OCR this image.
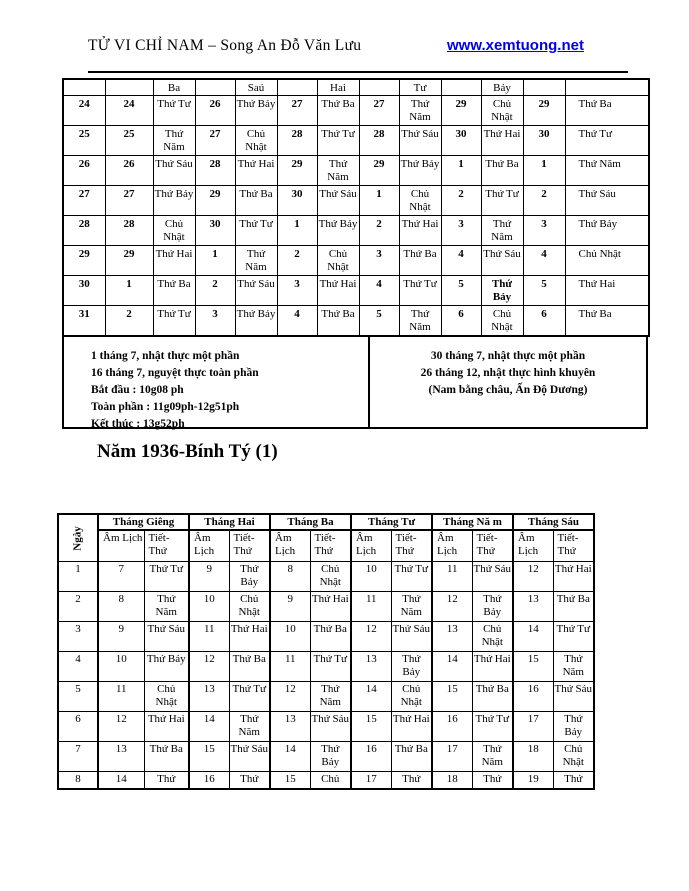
TỬ VI CHỈ NAM – Song An Đỗ Văn Lưu	www.xemtuong.net
		Ba		Saú		Hai		Tư		Bảy		
24	24	Thứ Tư	26	Thứ Bảy	27	Thứ Ba	27	Thứ Năm	29	Chủ Nhật	29	Thứ Ba
25	25	Thứ Năm	27	Chủ Nhật	28	Thứ Tư	28	Thứ Sáu	30	Thứ Hai	30	Thứ Tư
26	26	Thứ Sáu	28	Thứ Hai	29	Thứ Năm	29	Thứ Bảy	1	Thứ Ba	1	Thứ Năm
27	27	Thứ Bảy	29	Thứ Ba	30	Thứ Sáu	1	Chủ Nhật	2	Thứ Tư	2	Thứ Sáu
28	28	Chủ Nhật	30	Thứ Tư	1	Thứ Bảy	2	Thứ Hai	3	Thứ Năm	3	Thứ Bảy
29	29	Thứ Hai	1	Thứ Năm	2	Chủ Nhật	3	Thứ Ba	4	Thứ Sáu	4	Chủ Nhật
30	1	Thứ Ba	2	Thứ Sáu	3	Thứ Hai	4	Thứ Tư	5	Thứ Bảy	5	Thứ Hai
31	2	Thứ Tư	3	Thứ Bảy	4	Thứ Ba	5	Thứ Năm	6	Chủ Nhật	6	Thứ Ba

1 tháng 7, nhật thực một phần

16 tháng 7, nguyệt thực toàn phần

Bắt đầu : 10g08 ph

Toàn phần : 11g09ph-12g51ph

Kết thúc : 13g52ph

30 tháng 7, nhật thực một phần

26 tháng 12, nhật thực hình khuyên

(Nam bằng châu, Ấn Độ Dương)

Năm 1936-Bính Tý (1)
Ngày	Tháng Giêng		Tháng Hai		Tháng Ba		Tháng Tư		Tháng Nă m		Tháng Sáu	
	Âm Lịch	Tiết- Thứ	Âm Lịch	Tiết- Thứ	Âm Lịch	Tiết- Thứ	Âm Lịch	Tiết- Thứ	Âm Lịch	Tiết- Thứ	Âm Lịch	Tiết- Thứ
1	7	Thứ Tư	9	Thứ Bảy	8	Chủ Nhật	10	Thứ Tư	11	Thứ Sáu	12	Thứ Hai
2	8	Thứ Năm	10	Chủ Nhật	9	Thứ Hai	11	Thứ Năm	12	Thứ Bảy	13	Thứ Ba
3	9	Thứ Sáu	11	Thứ Hai	10	Thứ Ba	12	Thứ Sáu	13	Chủ Nhật	14	Thứ Tư
4	10	Thứ Bảy	12	Thứ Ba	11	Thứ Tư	13	Thứ Bảy	14	Thứ Hai	15	Thứ Năm
5	11	Chủ Nhật	13	Thứ Tư	12	Thứ Năm	14	Chủ Nhật	15	Thứ Ba	16	Thứ Sáu
6	12	Thứ Hai	14	Thứ Năm	13	Thứ Sáu	15	Thứ Hai	16	Thứ Tư	17	Thứ Bảy
7	13	Thứ Ba	15	Thứ Sáu	14	Thứ Bảy	16	Thứ Ba	17	Thứ Năm	18	Chủ Nhật
8	14	Thứ	16	Thứ	15	Chủ	17	Thứ	18	Thứ	19	Thứ
